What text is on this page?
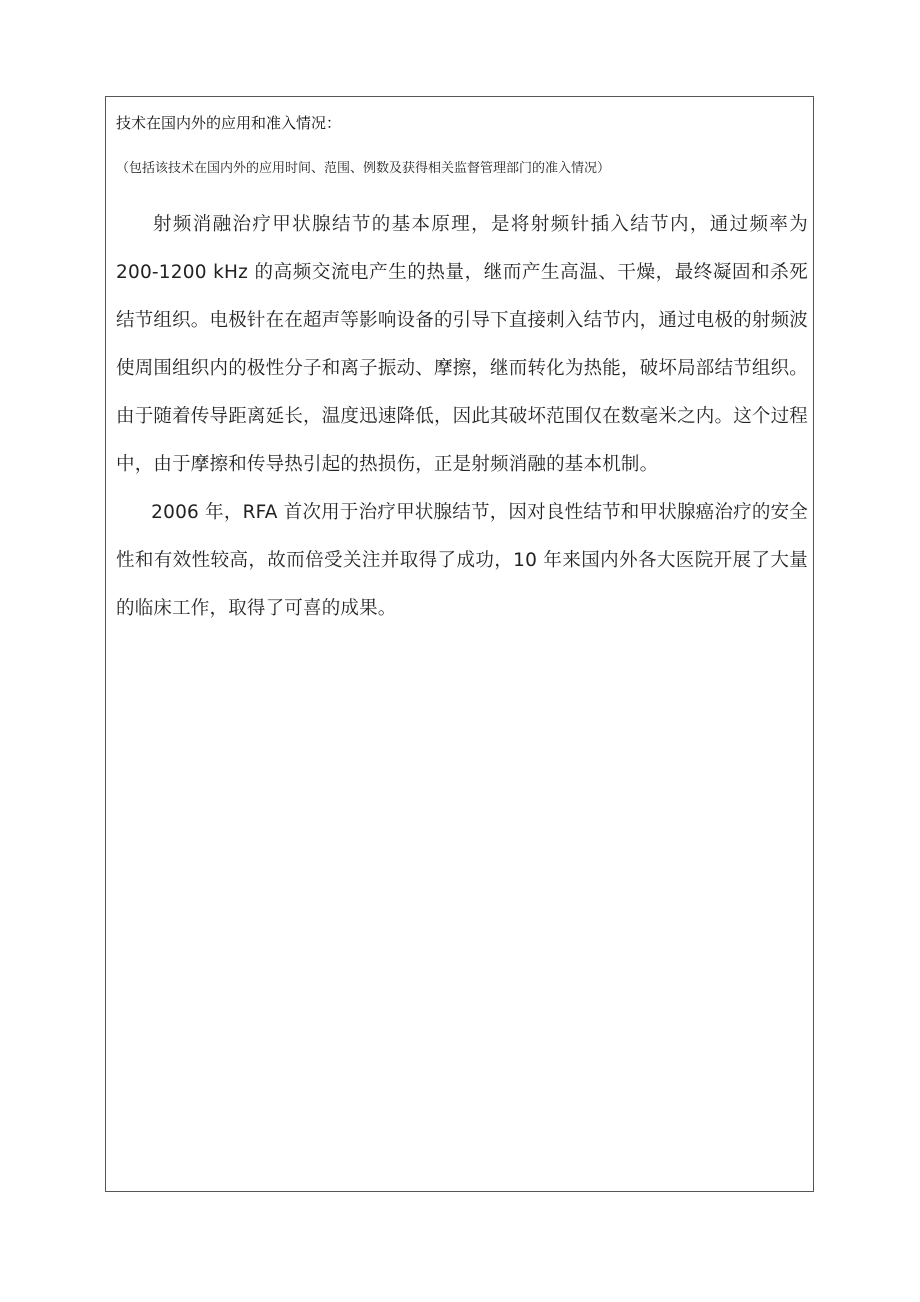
技术在国内外的应用和准入情况：
（包括该技术在国内外的应用时间、范围、例数及获得相关监督管理部门的准入情况）

射频消融治疗甲状腺结节的基本原理，是将射频针插入结节内，通过频率为 200-1200 kHz 的高频交流电产生的热量，继而产生高温、干燥，最终凝固和杀死结节组织。电极针在在超声等影响设备的引导下直接刺入结节内，通过电极的射频波使周围组织内的极性分子和离子振动、摩擦，继而转化为热能，破坏局部结节组织。由于随着传导距离延长，温度迅速降低，因此其破坏范围仅在数毫米之内。这个过程中，由于摩擦和传导热引起的热损伤，正是射频消融的基本机制。

2006 年，RFA 首次用于治疗甲状腺结节，因对良性结节和甲状腺癌治疗的安全性和有效性较高，故而倍受关注并取得了成功，10 年来国内外各大医院开展了大量的临床工作，取得了可喜的成果。
